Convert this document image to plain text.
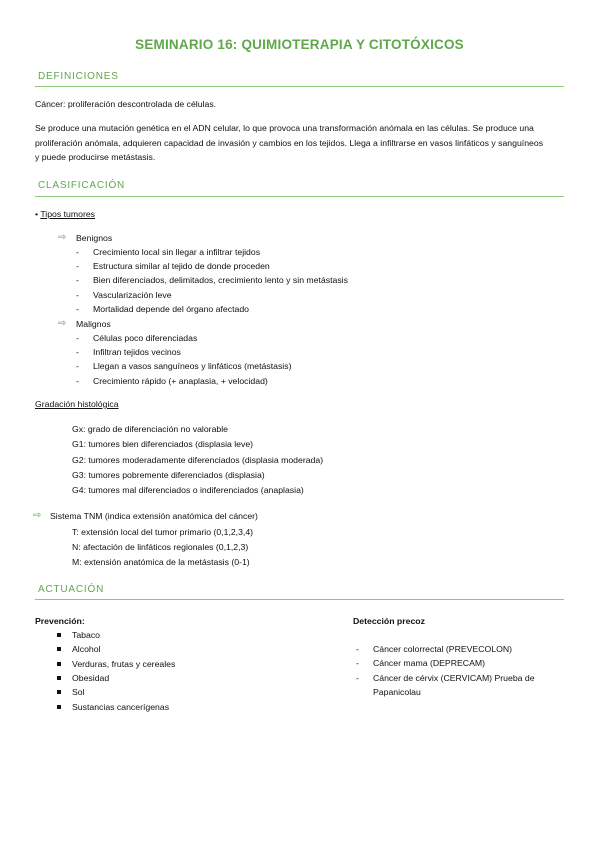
SEMINARIO 16: QUIMIOTERAPIA Y CITOTÓXICOS
DEFINICIONES
Cáncer: proliferación descontrolada de células.
Se produce una mutación genética en el ADN celular, lo que provoca una transformación anómala en las células. Se produce una
proliferación anómala, adquieren capacidad de invasión y cambios en los tejidos. Llega a infiltrarse en vasos linfáticos y sanguíneos
y puede producirse metástasis.
CLASIFICACIÓN
• Tipos tumores
⇨ Benignos
- Crecimiento local sin llegar a infiltrar tejidos
- Estructura similar al tejido de donde proceden
- Bien diferenciados, delimitados, crecimiento lento y sin metástasis
- Vascularización leve
- Mortalidad depende del órgano afectado
⇨ Malignos
- Células poco diferenciadas
- Infiltran tejidos vecinos
- Llegan a vasos sanguíneos y linfáticos (metástasis)
- Crecimiento rápido (+ anaplasia, + velocidad)
Gradación histológica
Gx: grado de diferenciación no valorable
G1: tumores bien diferenciados (displasia leve)
G2: tumores moderadamente diferenciados (displasia moderada)
G3: tumores pobremente diferenciados (displasia)
G4: tumores mal diferenciados o indiferenciados (anaplasia)
⇨ Sistema TNM (indica extensión anatómica del cáncer)
T: extensión local del tumor primario (0,1,2,3,4)
N: afectación de linfáticos regionales (0,1,2,3)
M: extensión anatómica de la metástasis (0-1)
ACTUACIÓN
Prevención:
Tabaco
Alcohol
Verduras, frutas y cereales
Obesidad
Sol
Sustancias cancerígenas
Detección precoz
- Cáncer colorrectal (PREVECOLON)
- Cáncer mama (DEPRECAM)
- Cáncer de cérvix (CERVICAM) Prueba de
Papanicolau
